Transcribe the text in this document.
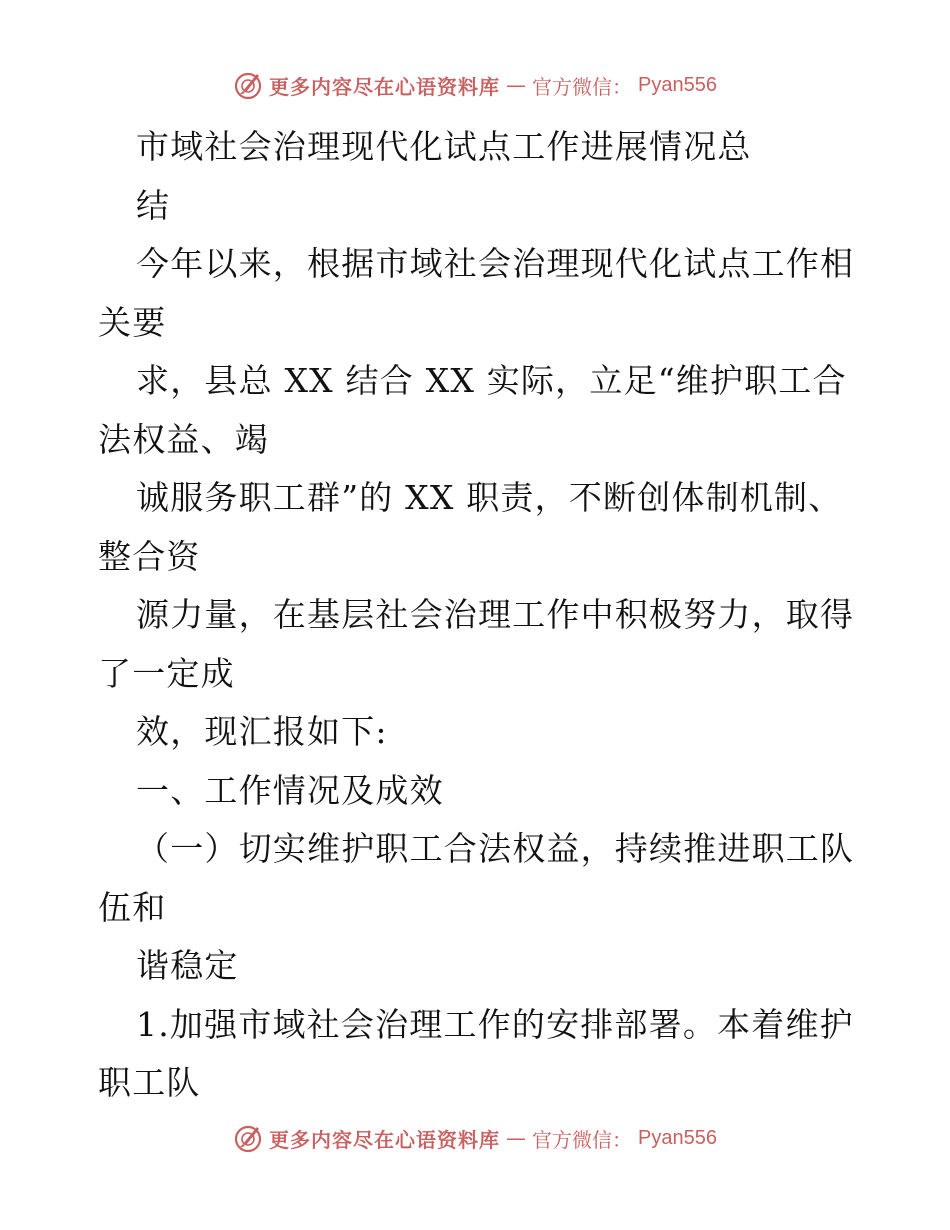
更多内容尽在心语资料库 — 官方微信： Pyan556
市域社会治理现代化试点工作进展情况总
结
今年以来，根据市域社会治理现代化试点工作相
关要
求，县总 XX 结合 XX 实际，立足“维护职工合
法权益、竭
诚服务职工群”的 XX 职责，不断创体制机制、
整合资
源力量，在基层社会治理工作中积极努力，取得
了一定成
效，现汇报如下:
一、工作情况及成效
（一）切实维护职工合法权益，持续推进职工队
伍和
谐稳定
1.加强市域社会治理工作的安排部署。本着维护
职工队
更多内容尽在心语资料库 — 官方微信： Pyan556
